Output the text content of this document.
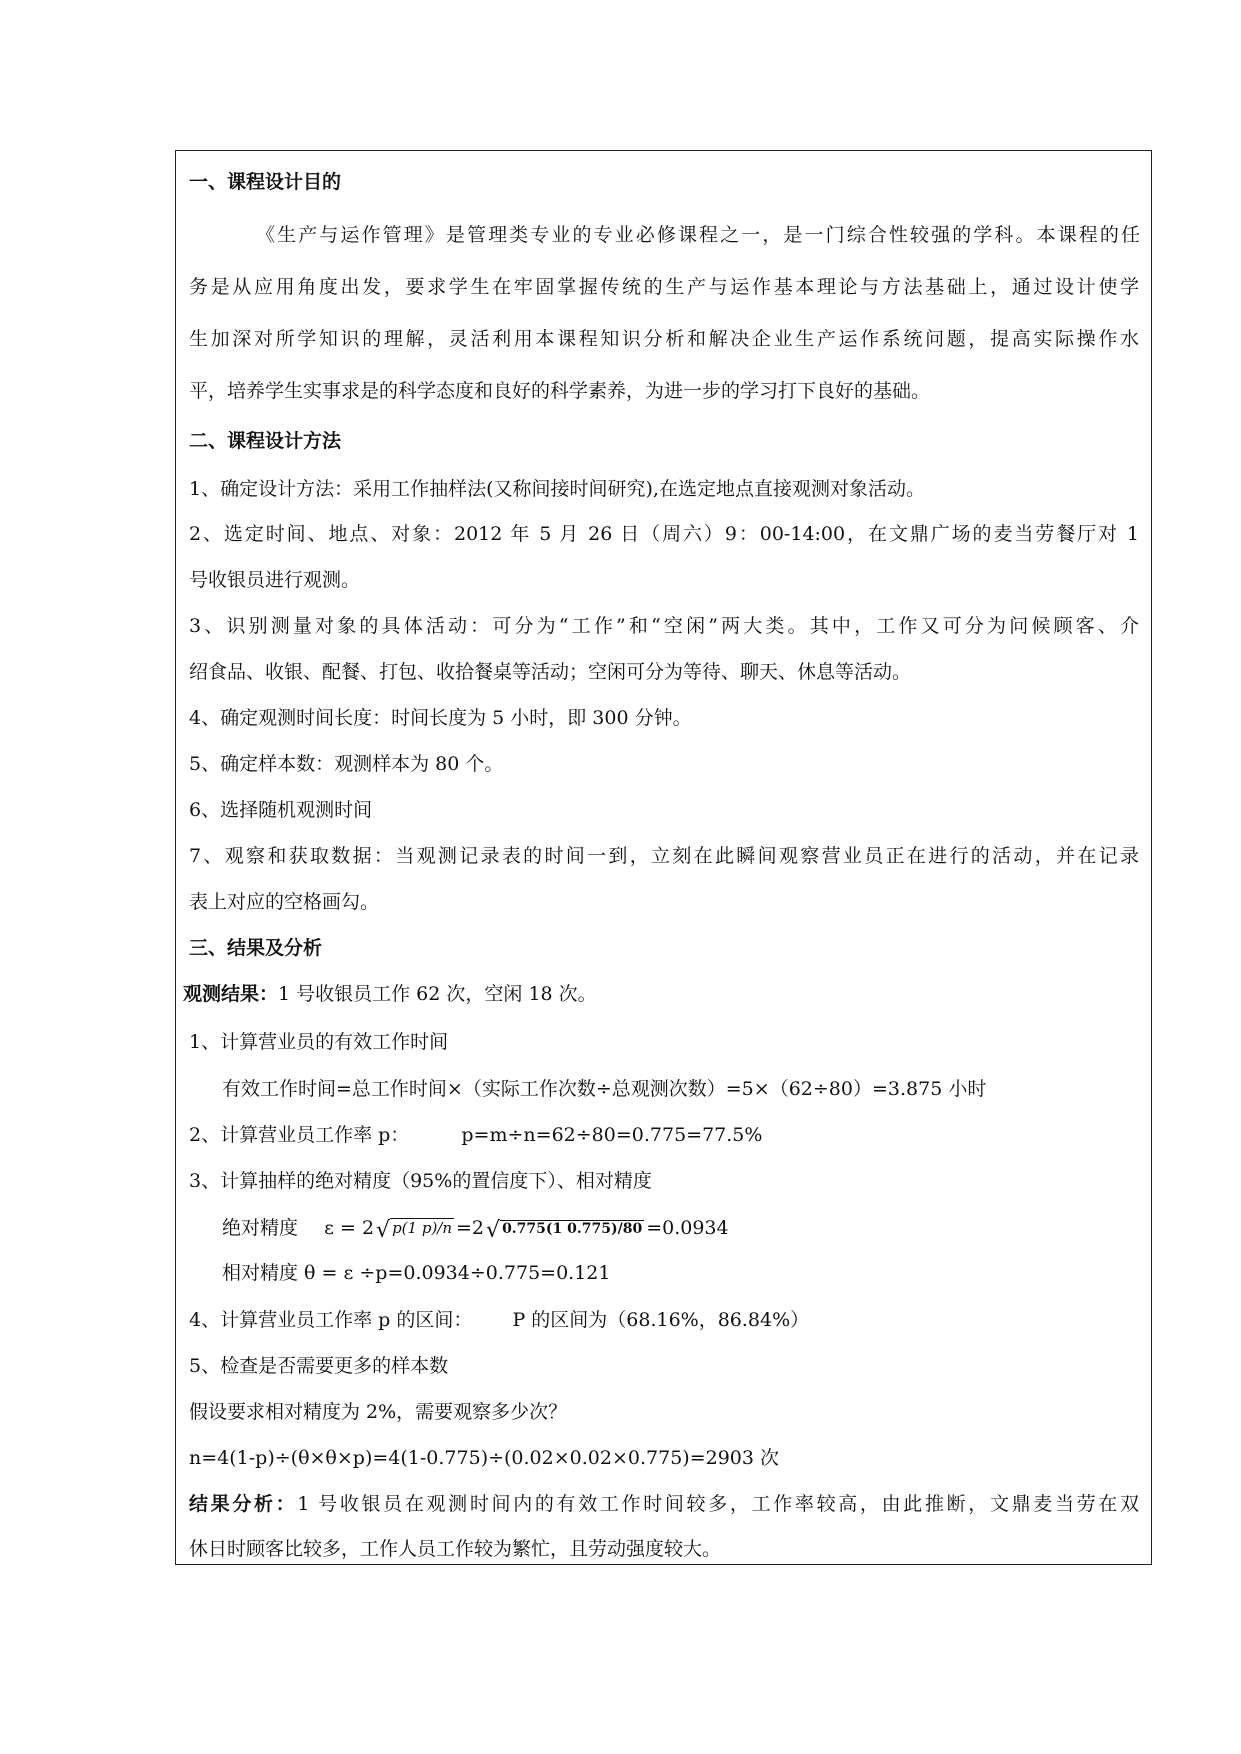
一、课程设计目的
《生产与运作管理》是管理类专业的专业必修课程之一，是一门综合性较强的学科。本课程的任
务是从应用角度出发，要求学生在牢固掌握传统的生产与运作基本理论与方法基础上，通过设计使学
生加深对所学知识的理解，灵活利用本课程知识分析和解决企业生产运作系统问题，提高实际操作水
平，培养学生实事求是的科学态度和良好的科学素养，为进一步的学习打下良好的基础。
二、课程设计方法
1、确定设计方法：采用工作抽样法(又称间接时间研究),在选定地点直接观测对象活动。
2、选定时间、地点、对象：2012 年 5 月 26 日（周六）9：00-14:00，在文鼎广场的麦当劳餐厅对 1
号收银员进行观测。
3、识别测量对象的具体活动：可分为“工作”和“空闲”两大类。其中，工作又可分为问候顾客、介
绍食品、收银、配餐、打包、收拾餐桌等活动；空闲可分为等待、聊天、休息等活动。
4、确定观测时间长度：时间长度为 5 小时，即 300 分钟。
5、确定样本数：观测样本为 80 个。
6、选择随机观测时间
7、观察和获取数据：当观测记录表的时间一到，立刻在此瞬间观察营业员正在进行的活动，并在记录
表上对应的空格画勾。
三、结果及分析
观测结果：1 号收银员工作 62 次，空闲 18 次。
1、计算营业员的有效工作时间
有效工作时间=总工作时间×（实际工作次数÷总观测次数）=5×（62÷80）=3.875 小时
2、计算营业员工作率 p：	p=m÷n=62÷80=0.775=77.5%
3、计算抽样的绝对精度（95%的置信度下）、相对精度
绝对精度 ε = 2√ p(1 p)/n =2√ 0.775(1 0.775)/80 =0.0934
相对精度 θ = ε ÷p=0.0934÷0.775=0.121
4、计算营业员工作率 p 的区间： P 的区间为（68.16%，86.84%）
5、检查是否需要更多的样本数
假设要求相对精度为 2%，需要观察多少次？
n=4(1-p)÷(θ×θ×p)=4(1-0.775)÷(0.02×0.02×0.775)=2903 次
结果分析：1 号收银员在观测时间内的有效工作时间较多，工作率较高，由此推断，文鼎麦当劳在双
休日时顾客比较多，工作人员工作较为繁忙，且劳动强度较大。
